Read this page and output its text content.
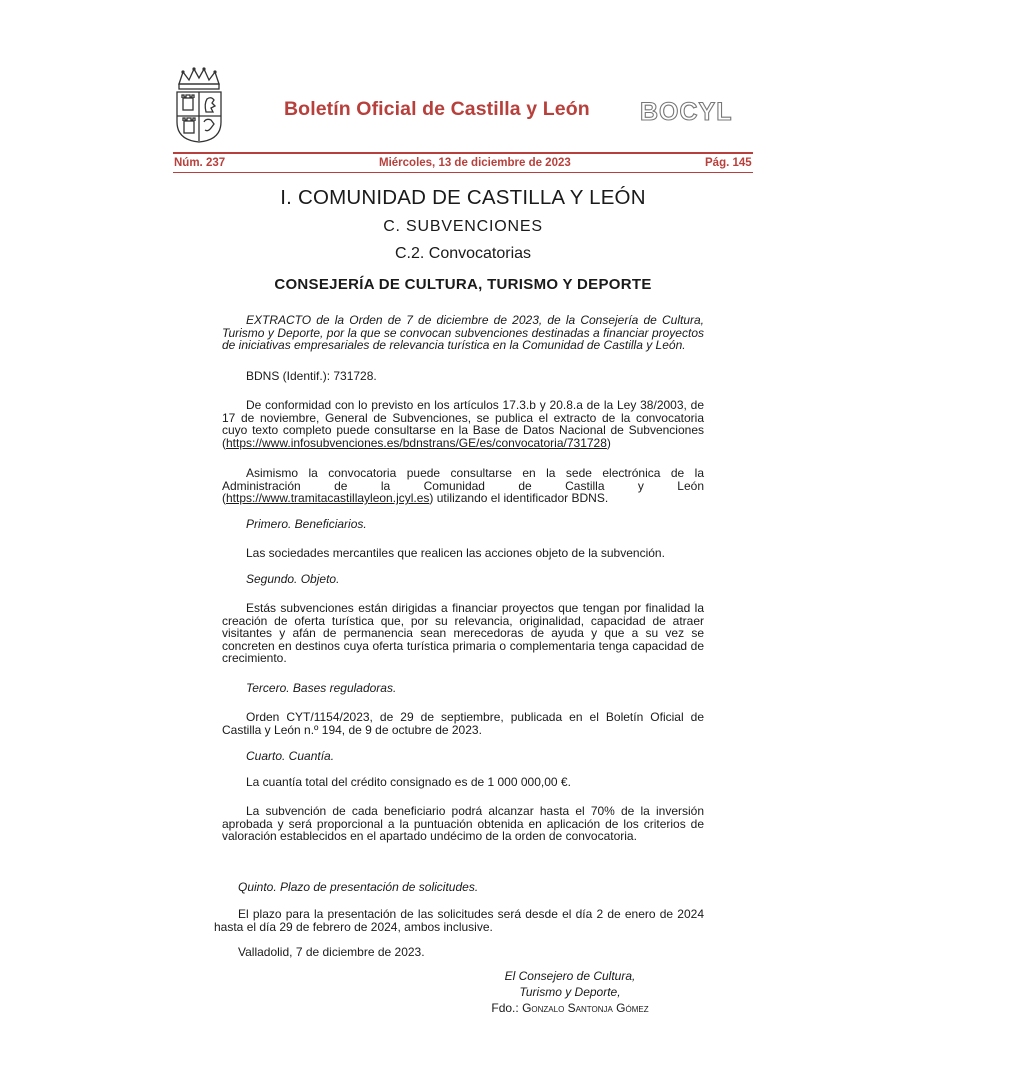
Boletín Oficial de Castilla y León BOCYL
Núm. 237	Miércoles, 13 de diciembre de 2023	Pág. 145
I. COMUNIDAD DE CASTILLA Y LEÓN
C. SUBVENCIONES
C.2. Convocatorias
CONSEJERÍA DE CULTURA, TURISMO Y DEPORTE
EXTRACTO de la Orden de 7 de diciembre de 2023, de la Consejería de Cultura, Turismo y Deporte, por la que se convocan subvenciones destinadas a financiar proyectos de iniciativas empresariales de relevancia turística en la Comunidad de Castilla y León.
BDNS (Identif.): 731728.
De conformidad con lo previsto en los artículos 17.3.b y 20.8.a de la Ley 38/2003, de 17 de noviembre, General de Subvenciones, se publica el extracto de la convocatoria cuyo texto completo puede consultarse en la Base de Datos Nacional de Subvenciones (https://www.infosubvenciones.es/bdnstrans/GE/es/convocatoria/731728)
Asimismo la convocatoria puede consultarse en la sede electrónica de la Administración de la Comunidad de Castilla y León (https://www.tramitacastillayleon.jcyl.es) utilizando el identificador BDNS.
Primero. Beneficiarios.
Las sociedades mercantiles que realicen las acciones objeto de la subvención.
Segundo. Objeto.
Estás subvenciones están dirigidas a financiar proyectos que tengan por finalidad la creación de oferta turística que, por su relevancia, originalidad, capacidad de atraer visitantes y afán de permanencia sean merecedoras de ayuda y que a su vez se concreten en destinos cuya oferta turística primaria o complementaria tenga capacidad de crecimiento.
Tercero. Bases reguladoras.
Orden CYT/1154/2023, de 29 de septiembre, publicada en el Boletín Oficial de Castilla y León n.º 194, de 9 de octubre de 2023.
Cuarto. Cuantía.
La cuantía total del crédito consignado es de 1 000 000,00 €.
La subvención de cada beneficiario podrá alcanzar hasta el 70% de la inversión aprobada y será proporcional a la puntuación obtenida en aplicación de los criterios de valoración establecidos en el apartado undécimo de la orden de convocatoria.
Quinto. Plazo de presentación de solicitudes.
El plazo para la presentación de las solicitudes será desde el día 2 de enero de 2024 hasta el día 29 de febrero de 2024, ambos inclusive.
Valladolid, 7 de diciembre de 2023.
El Consejero de Cultura,
Turismo y Deporte,
Fdo.: Gonzalo Santonja Gómez
